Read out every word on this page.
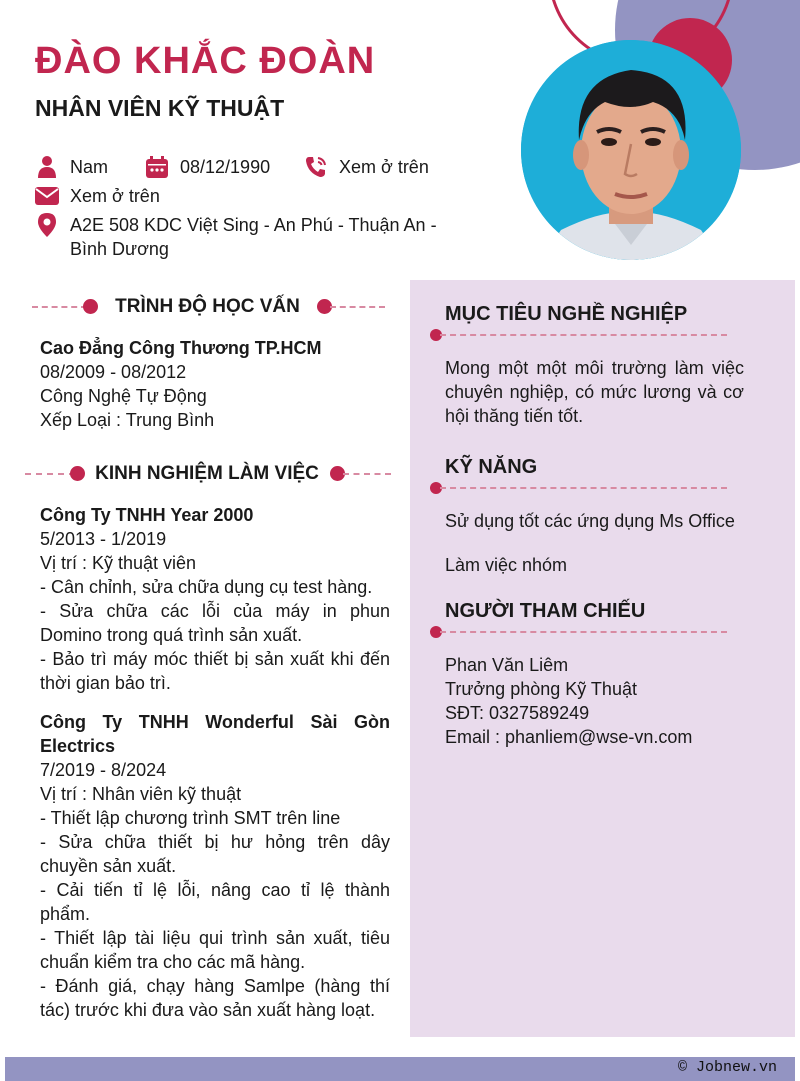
ĐÀO KHẮC ĐOÀN
NHÂN VIÊN KỸ THUẬT
Nam	08/12/1990	Xem ở trên
Xem ở trên
A2E 508 KDC Việt Sing - An Phú - Thuận An -
Bình Dương
TRÌNH ĐỘ HỌC VẤN
Cao Đẳng Công Thương TP.HCM
08/2009 - 08/2012
Công Nghệ Tự Động
Xếp Loại : Trung Bình
KINH NGHIỆM LÀM VIỆC
Công Ty TNHH Year 2000
5/2013 - 1/2019
Vị trí : Kỹ thuật viên
- Cân chỉnh, sửa chữa dụng cụ test hàng.
- Sửa chữa các lỗi của máy in phun Domino trong quá trình sản xuất.
- Bảo trì máy móc thiết bị sản xuất khi đến thời gian bảo trì.
Công Ty TNHH Wonderful Sài Gòn Electrics
7/2019 - 8/2024
Vị trí : Nhân viên kỹ thuật
- Thiết lập chương trình SMT trên line
- Sửa chữa thiết bị hư hỏng trên dây chuyền sản xuất.
- Cải tiến tỉ lệ lỗi, nâng cao tỉ lệ thành phẩm.
- Thiết lập tài liệu qui trình sản xuất, tiêu chuẩn kiểm tra cho các mã hàng.
- Đánh giá, chạy hàng Samlpe (hàng thí tác) trước khi đưa vào sản xuất hàng loạt.
MỤC TIÊU NGHỀ NGHIỆP
Mong một một môi trường làm việc chuyên nghiệp, có mức lương và cơ hội thăng tiến tốt.
KỸ NĂNG
Sử dụng tốt các ứng dụng Ms Office
Làm việc nhóm
NGƯỜI THAM CHIẾU
Phan Văn Liêm
Trưởng phòng Kỹ Thuật
SĐT: 0327589249
Email : phanliem@wse-vn.com
© Jobnew.vn
